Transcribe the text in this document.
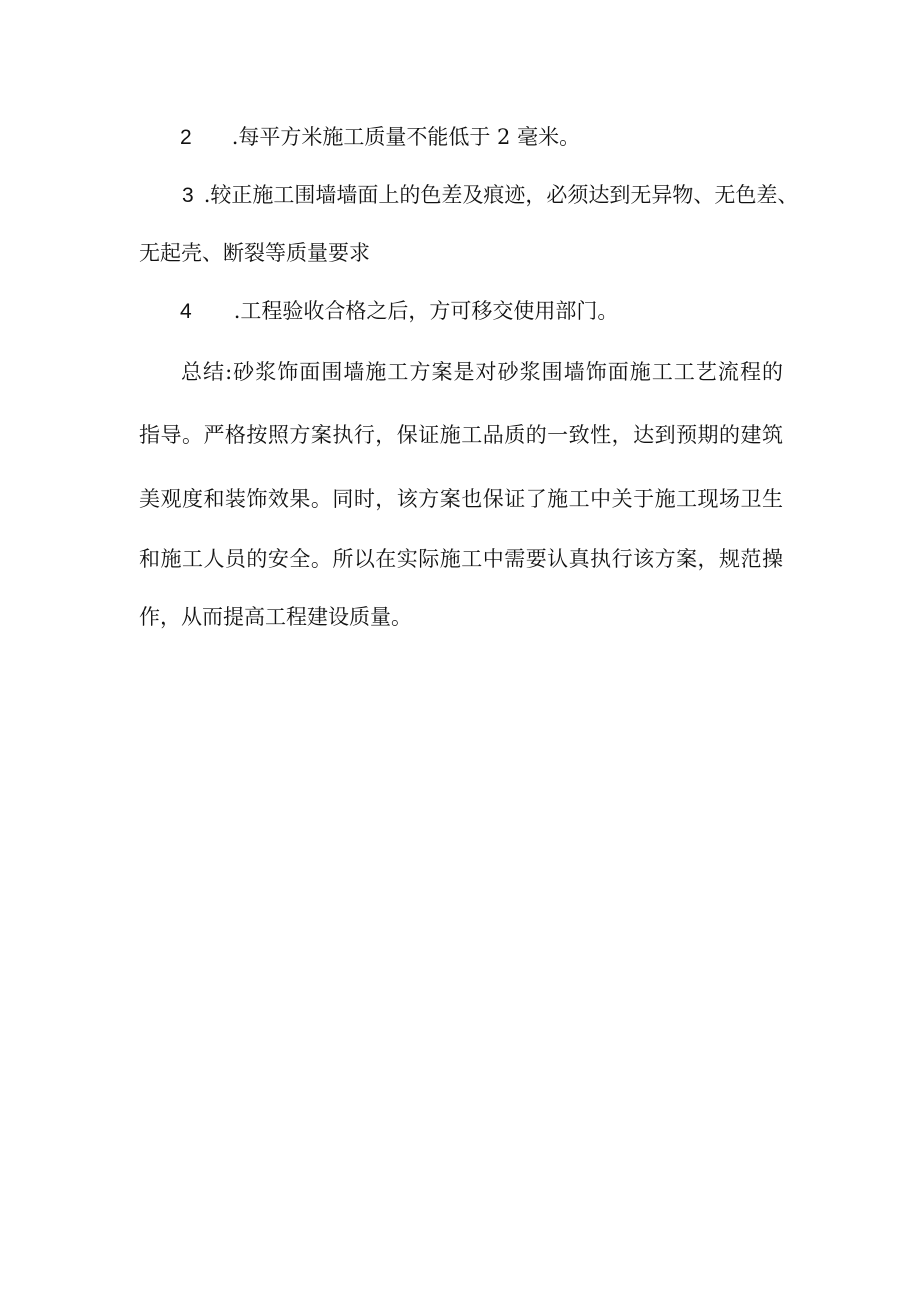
2 .每平方米施工质量不能低于 2 毫米。
3 .较正施工围墙墙面上的色差及痕迹，必须达到无异物、无色差、
无起壳、断裂等质量要求
4 .工程验收合格之后，方可移交使用部门。
总结:砂浆饰面围墙施工方案是对砂浆围墙饰面施工工艺流程的
指导。严格按照方案执行，保证施工品质的一致性，达到预期的建筑
美观度和装饰效果。同时，该方案也保证了施工中关于施工现场卫生
和施工人员的安全。所以在实际施工中需要认真执行该方案，规范操
作，从而提高工程建设质量。
